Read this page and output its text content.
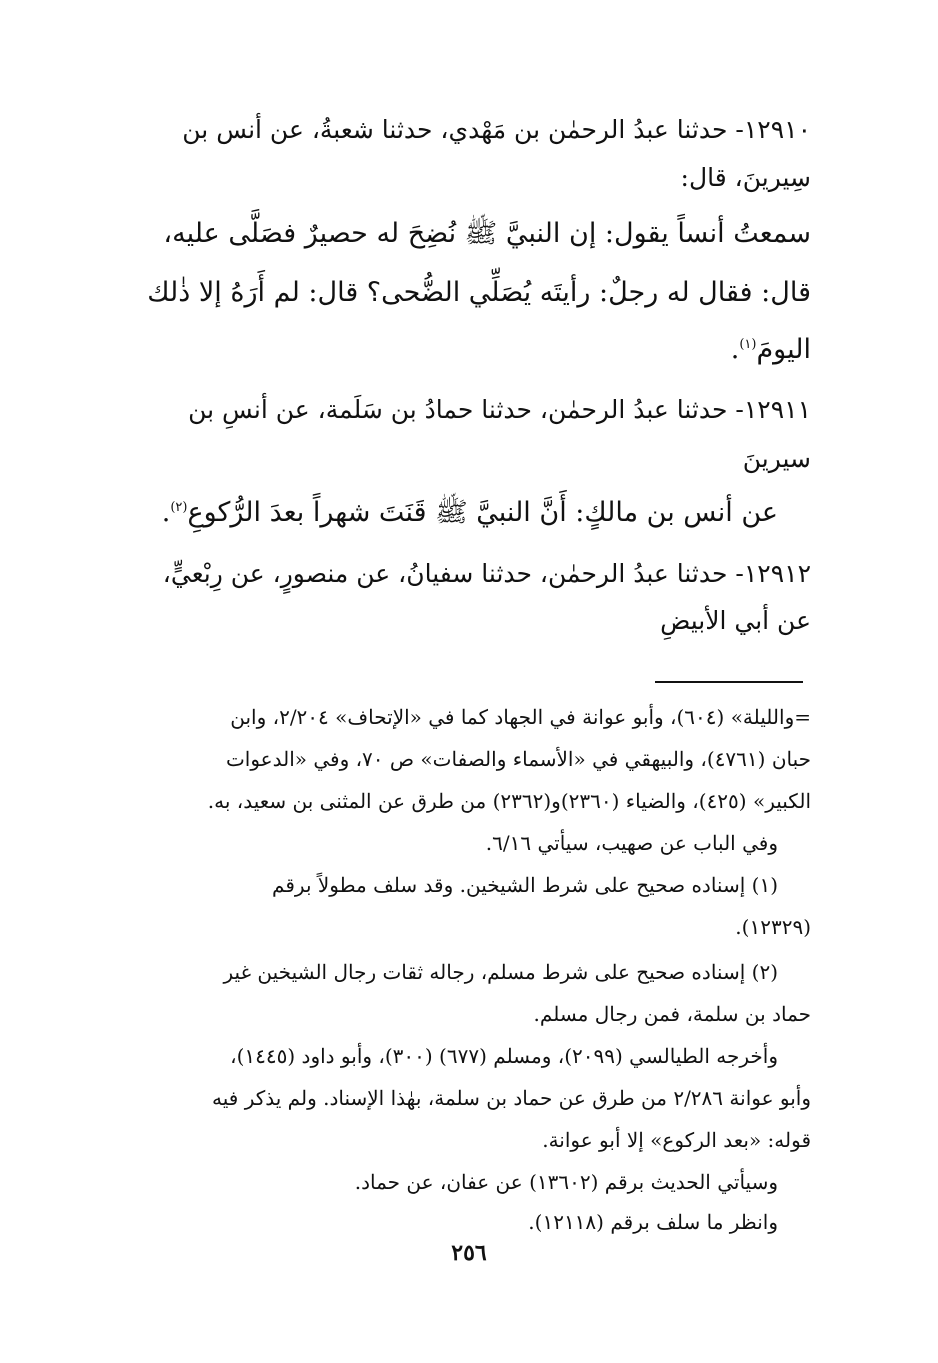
١٢٩١٠- حدثنا عبدُ الرحمٰن بن مَهْدي، حدثنا شعبةُ، عن أنس بن
سِيرينَ، قال:
سمعتُ أنساً يقول: إن النبيَّ ﷺ نُضِحَ له حصيرٌ فصَلَّى عليه،
قال: فقال له رجلٌ: رأيتَه يُصَلِّي الضُّحى؟ قال: لم أَرَهُ إلا ذٰلك
اليومَ$^{(١)}$.
١٢٩١١- حدثنا عبدُ الرحمٰن، حدثنا حمادُ بن سَلَمة، عن أنسِ بن
سيرينَ
عن أنس بن مالكٍ: أَنَّ النبيَّ ﷺ قَنَتَ شهراً بعدَ الرُّكوعِ$^{(٢)}$.
١٢٩١٢- حدثنا عبدُ الرحمٰن، حدثنا سفيانُ، عن منصورٍ، عن رِبْعيٍّ،
عن أبي الأبيضِ
=والليلة» (٦٠٤)، وأبو عوانة في الجهاد كما في «الإتحاف» ٢/٢٠٤، وابن
حبان (٤٧٦١)، والبيهقي في «الأسماء والصفات» ص ٧٠، وفي «الدعوات
الكبير» (٤٢٥)، والضياء (٢٣٦٠)و(٢٣٦٢) من طرق عن المثنى بن سعيد، به.
وفي الباب عن صهيب، سيأتي ٦/١٦.
(١) إسناده صحيح على شرط الشيخين. وقد سلف مطولاً برقم
(١٢٣٢٩).
(٢) إسناده صحيح على شرط مسلم، رجاله ثقات رجال الشيخين غير
حماد بن سلمة، فمن رجال مسلم.
وأخرجه الطيالسي (٢٠٩٩)، ومسلم (٦٧٧) (٣٠٠)، وأبو داود (١٤٤٥)،
وأبو عوانة ٢/٢٨٦ من طرق عن حماد بن سلمة، بهٰذا الإسناد. ولم يذكر فيه
قوله: «بعد الركوع» إلا أبو عوانة.
وسيأتي الحديث برقم (١٣٦٠٢) عن عفان، عن حماد.
وانظر ما سلف برقم (١٢١١٨).
٢٥٦
